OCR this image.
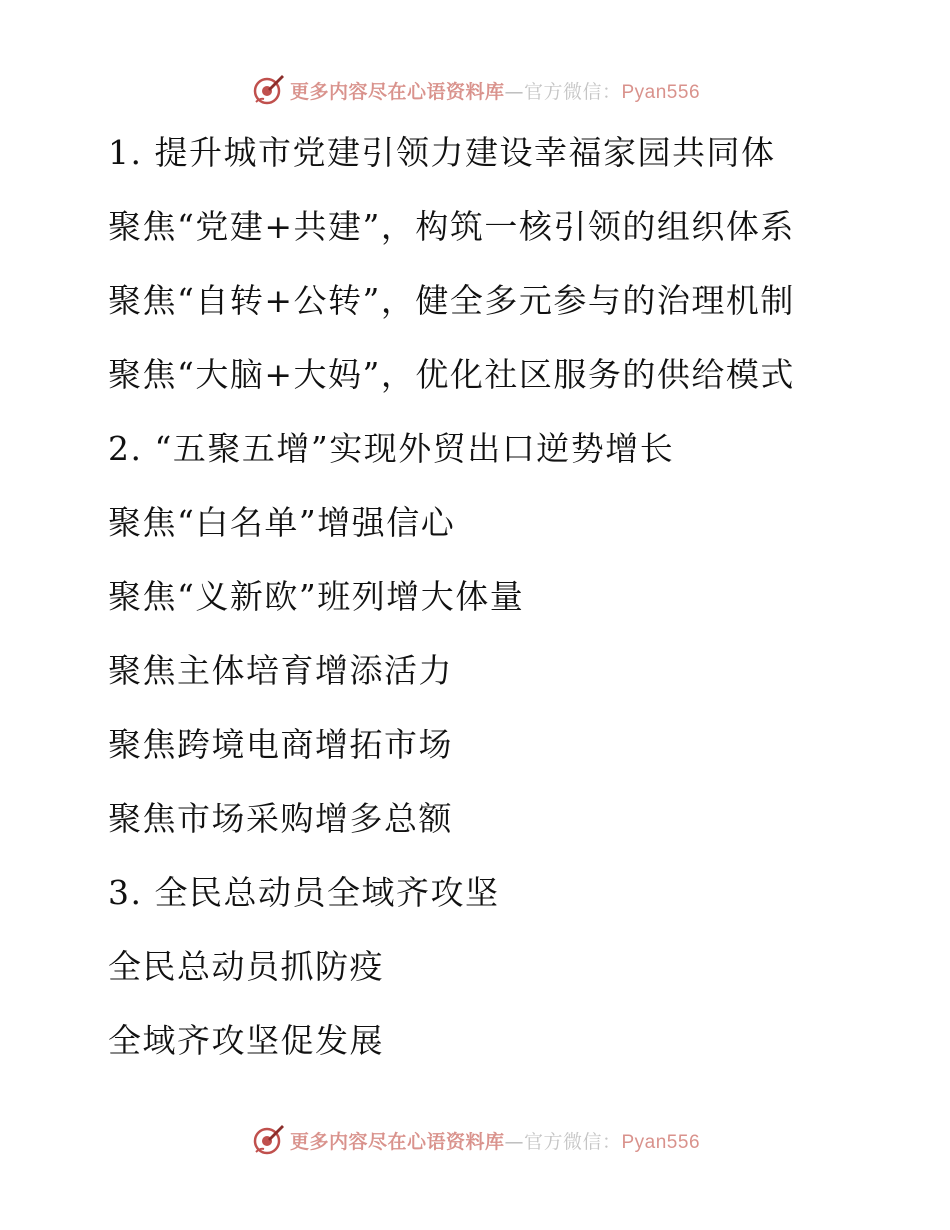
更多内容尽在心语资料库—官方微信：Pyan556
1. 提升城市党建引领力建设幸福家园共同体
聚焦“党建+共建”，构筑一核引领的组织体系
聚焦“自转+公转”，健全多元参与的治理机制
聚焦“大脑+大妈”，优化社区服务的供给模式
2. “五聚五增”实现外贸出口逆势增长
聚焦“白名单”增强信心
聚焦“义新欧”班列增大体量
聚焦主体培育增添活力
聚焦跨境电商增拓市场
聚焦市场采购增多总额
3. 全民总动员全域齐攻坚
全民总动员抓防疫
全域齐攻坚促发展
更多内容尽在心语资料库—官方微信：Pyan556
